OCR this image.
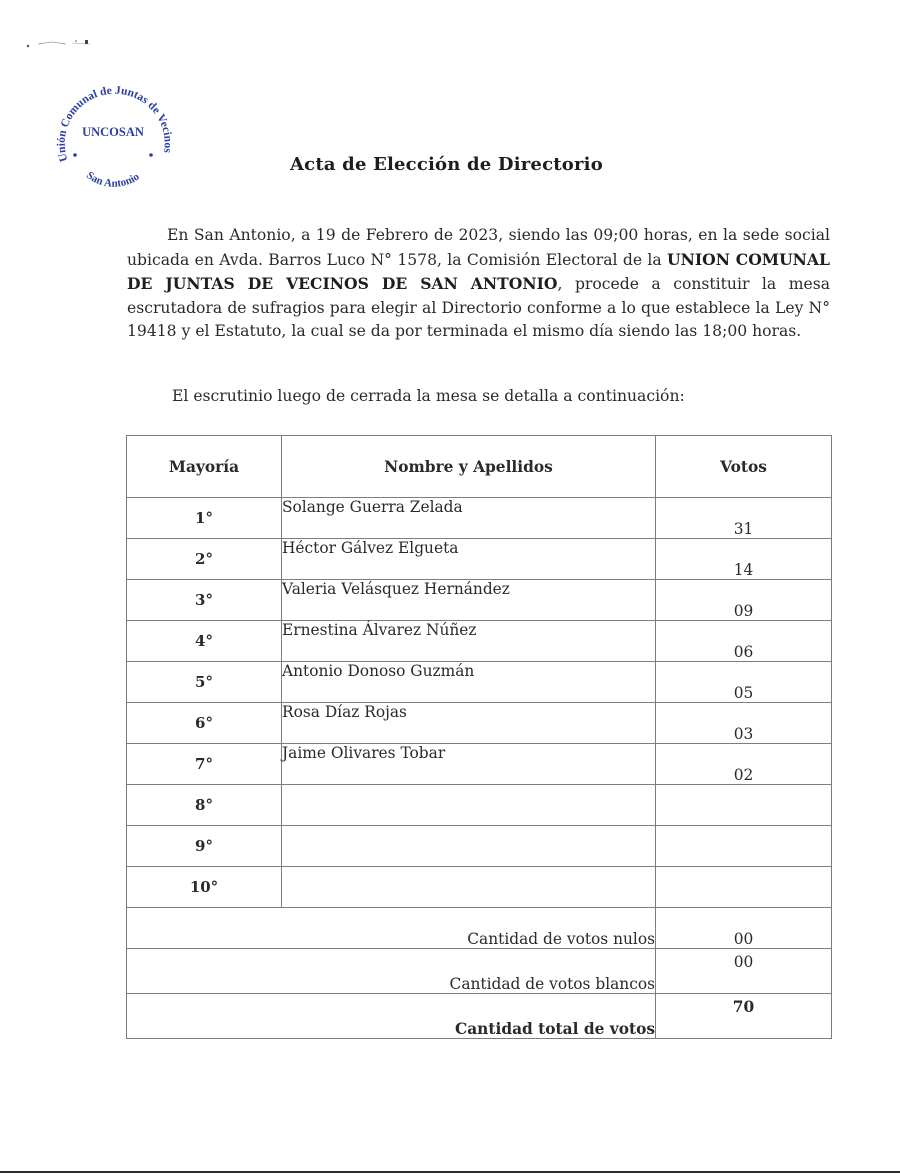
Unión Comunal de Juntas de Vecinos
San Antonio
UNCOSAN
Acta de Elección de Directorio

En San Antonio, a 19 de Febrero de 2023, siendo las 09;00 horas, en la sede social ubicada en Avda. Barros Luco N° 1578, la Comisión Electoral de la UNION COMUNAL DE JUNTAS DE VECINOS DE SAN ANTONIO, procede a constituir la mesa escrutadora de sufragios para elegir al Directorio conforme a lo que establece la Ley N° 19418 y el Estatuto, la cual se da por terminada el mismo día siendo las 18;00 horas.

El escrutinio luego de cerrada la mesa se detalla a continuación:

Mayoría	Nombre y Apellidos	Votos
1°	Solange Guerra Zelada	31
2°	Héctor Gálvez Elgueta	14
3°	Valeria Velásquez Hernández	09
4°	Ernestina Álvarez Núñez	06
5°	Antonio Donoso Guzmán	05
6°	Rosa Díaz Rojas	03
7°	Jaime Olivares Tobar	02
8°		
9°		
10°		
Cantidad de votos nulos		00
Cantidad de votos blancos		00
Cantidad total de votos		70
